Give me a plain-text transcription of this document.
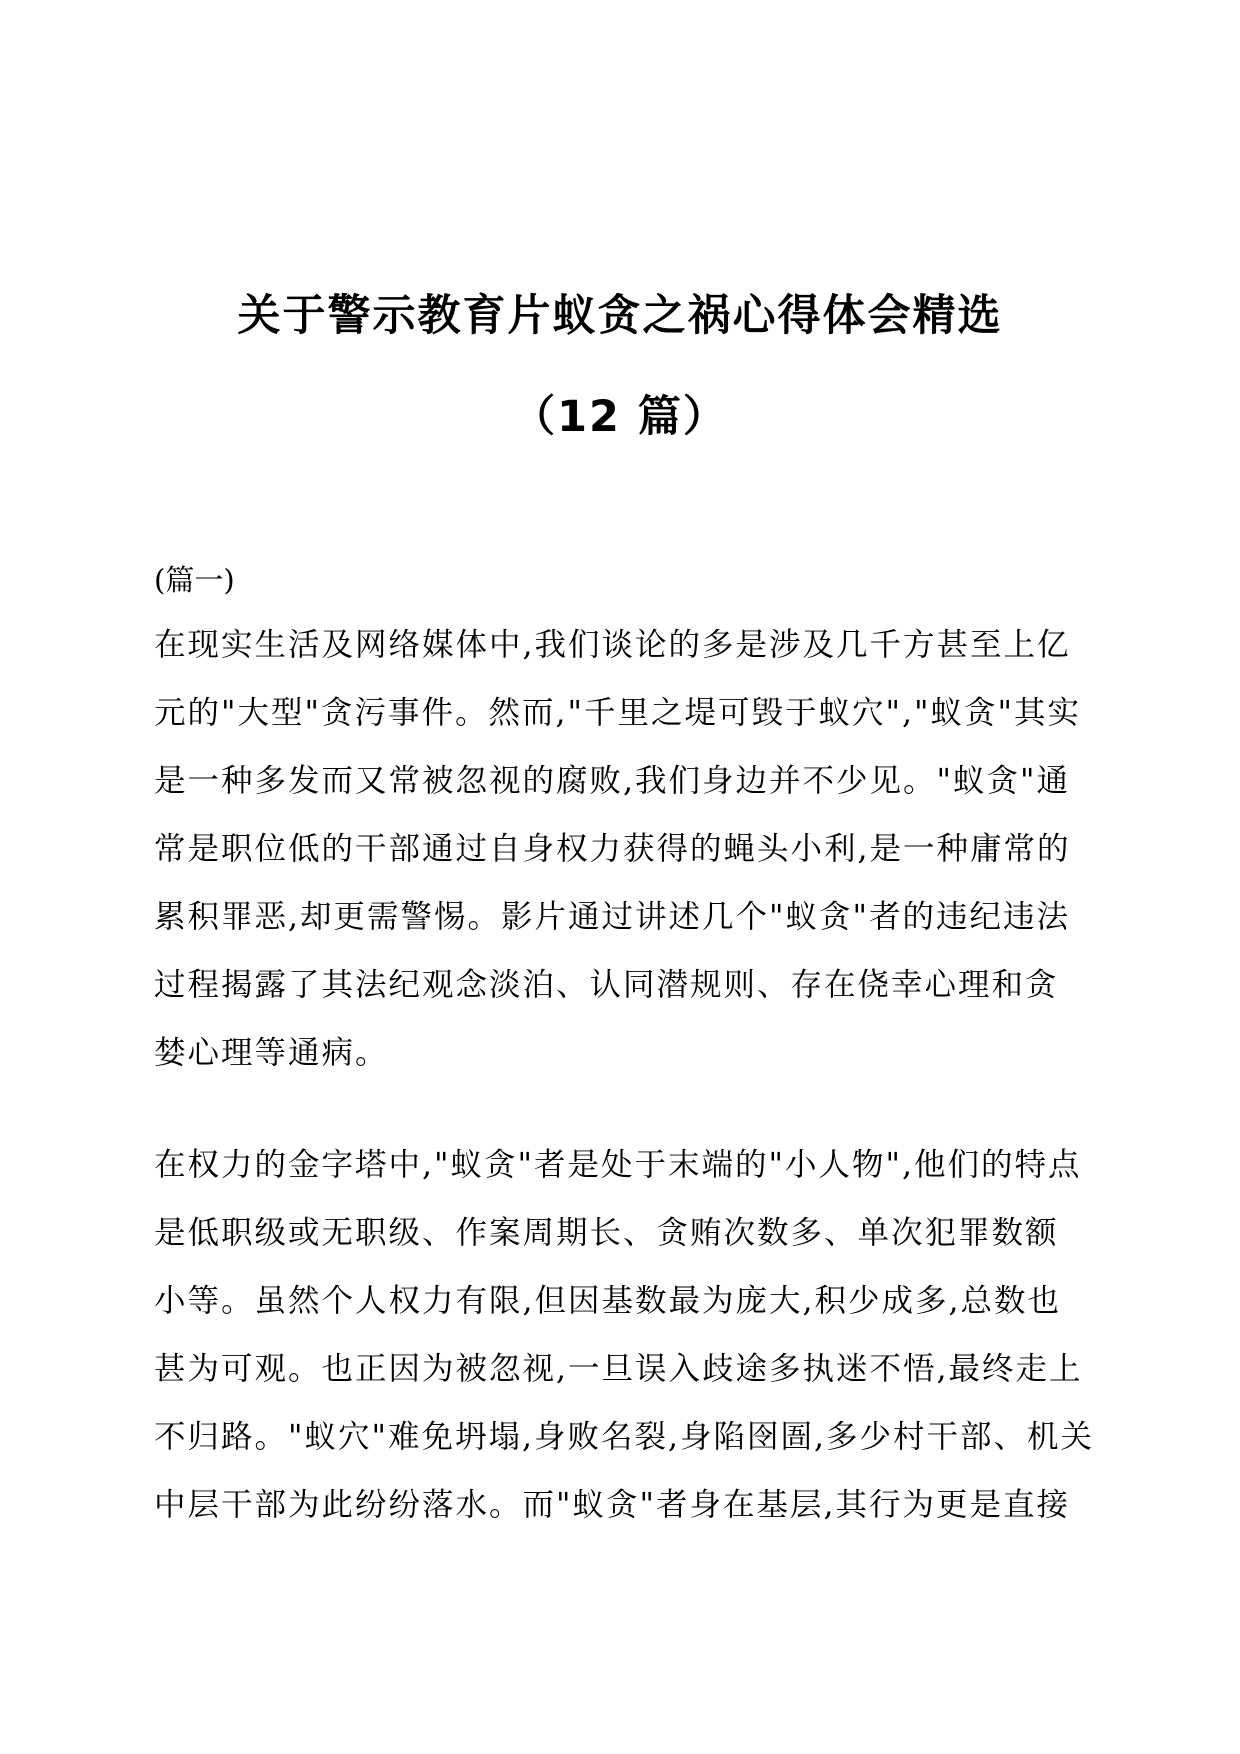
关于警示教育片蚁贪之祸心得体会精选
（12 篇）
(篇一)

在现实生活及网络媒体中,我们谈论的多是涉及几千方甚至上亿
元的"大型"贪污事件。然而,"千里之堤可毁于蚁穴","蚁贪"其实
是一种多发而又常被忽视的腐败,我们身边并不少见。"蚁贪"通
常是职位低的干部通过自身权力获得的蝇头小利,是一种庸常的
累积罪恶,却更需警惕。影片通过讲述几个"蚁贪"者的违纪违法
过程揭露了其法纪观念淡泊、认同潜规则、存在侥幸心理和贪
婪心理等通病。

在权力的金字塔中,"蚁贪"者是处于末端的"小人物",他们的特点
是低职级或无职级、作案周期长、贪贿次数多、单次犯罪数额
小等。虽然个人权力有限,但因基数最为庞大,积少成多,总数也
甚为可观。也正因为被忽视,一旦误入歧途多执迷不悟,最终走上
不归路。"蚁穴"难免坍塌,身败名裂,身陷囹圄,多少村干部、机关
中层干部为此纷纷落水。而"蚁贪"者身在基层,其行为更是直接
